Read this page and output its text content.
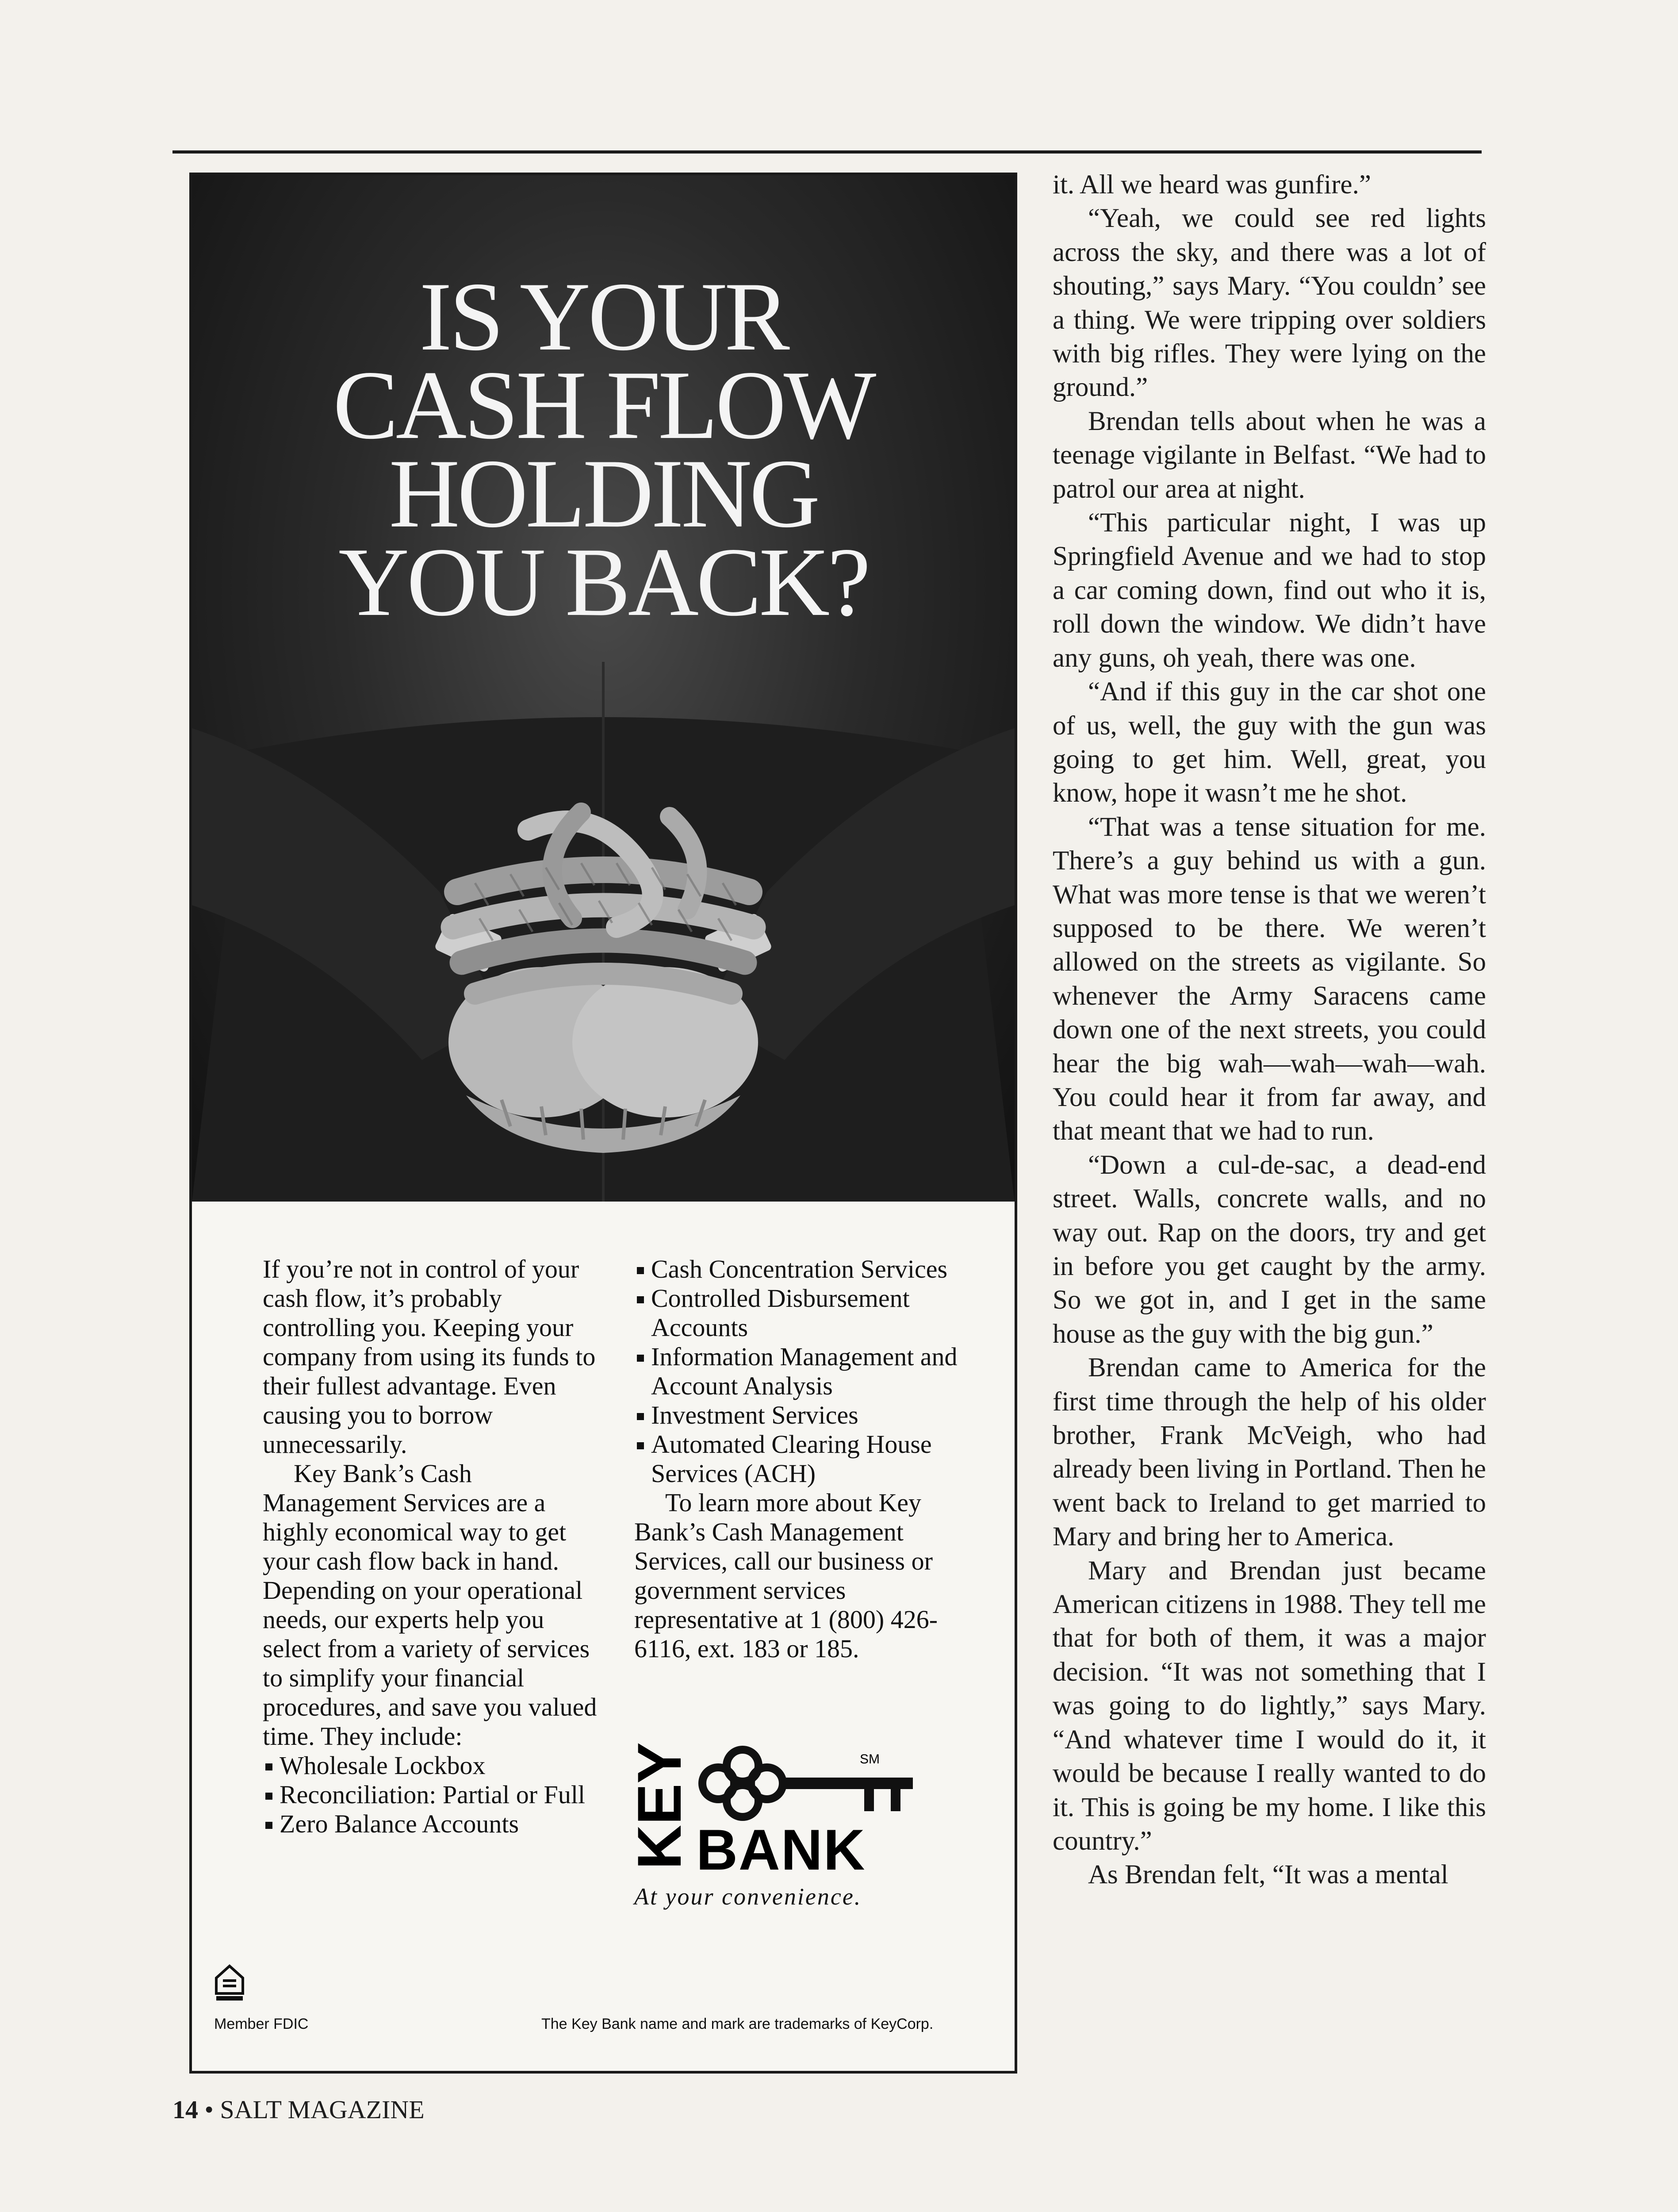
IS YOUR
CASH FLOW
HOLDING
YOU BACK?

If you’re not in control of your cash flow, it’s probably controlling you. Keeping your company from using its funds to their fullest advantage. Even causing you to borrow unnecessarily.

Key Bank’s Cash Management Services are a highly economical way to get your cash flow back in hand. Depending on your operational needs, our experts help you select from a variety of services to simplify your financial procedures, and save you valued time. They include:

Wholesale Lockbox
Reconciliation: Partial or Full
Zero Balance Accounts
Cash Concentration Services
Controlled Disbursement Accounts
Information Management and Account Analysis
Investment Services
Automated Clearing House Services (ACH)

To learn more about Key Bank’s Cash Management Services, call our business or government services representative at 1 (800) 426-6116, ext. 183 or 185.

KEY	SM
BANK
At your convenience.
Member FDIC	The Key Bank name and mark are trademarks of KeyCorp.

it. All we heard was gunfire.”

“Yeah, we could see red lights across the sky, and there was a lot of shouting,” says Mary. “You couldn’ see a thing. We were tripping over soldiers with big rifles. They were lying on the ground.”

Brendan tells about when he was a teenage vigilante in Belfast. “We had to patrol our area at night.

“This particular night, I was up Springfield Avenue and we had to stop a car coming down, find out who it is, roll down the window. We didn’t have any guns, oh yeah, there was one.

“And if this guy in the car shot one of us, well, the guy with the gun was going to get him. Well, great, you know, hope it wasn’t me he shot.

“That was a tense situation for me. There’s a guy behind us with a gun. What was more tense is that we weren’t supposed to be there. We weren’t allowed on the streets as vigilante. So whenever the Army Saracens came down one of the next streets, you could hear the big wah—wah—wah—wah. You could hear it from far away, and that meant that we had to run.

“Down a cul-de-sac, a dead-end street. Walls, concrete walls, and no way out. Rap on the doors, try and get in before you get caught by the army. So we got in, and I get in the same house as the guy with the big gun.”

Brendan came to America for the first time through the help of his older brother, Frank McVeigh, who had already been living in Portland. Then he went back to Ireland to get married to Mary and bring her to America.

Mary and Brendan just became American citizens in 1988. They tell me that for both of them, it was a major decision. “It was not something that I was going to do lightly,” says Mary. “And whatever time I would do it, it would be because I really wanted to do it. This is going be my home. I like this country.”

As Brendan felt, “It was a mental

14 • SALT MAGAZINE
